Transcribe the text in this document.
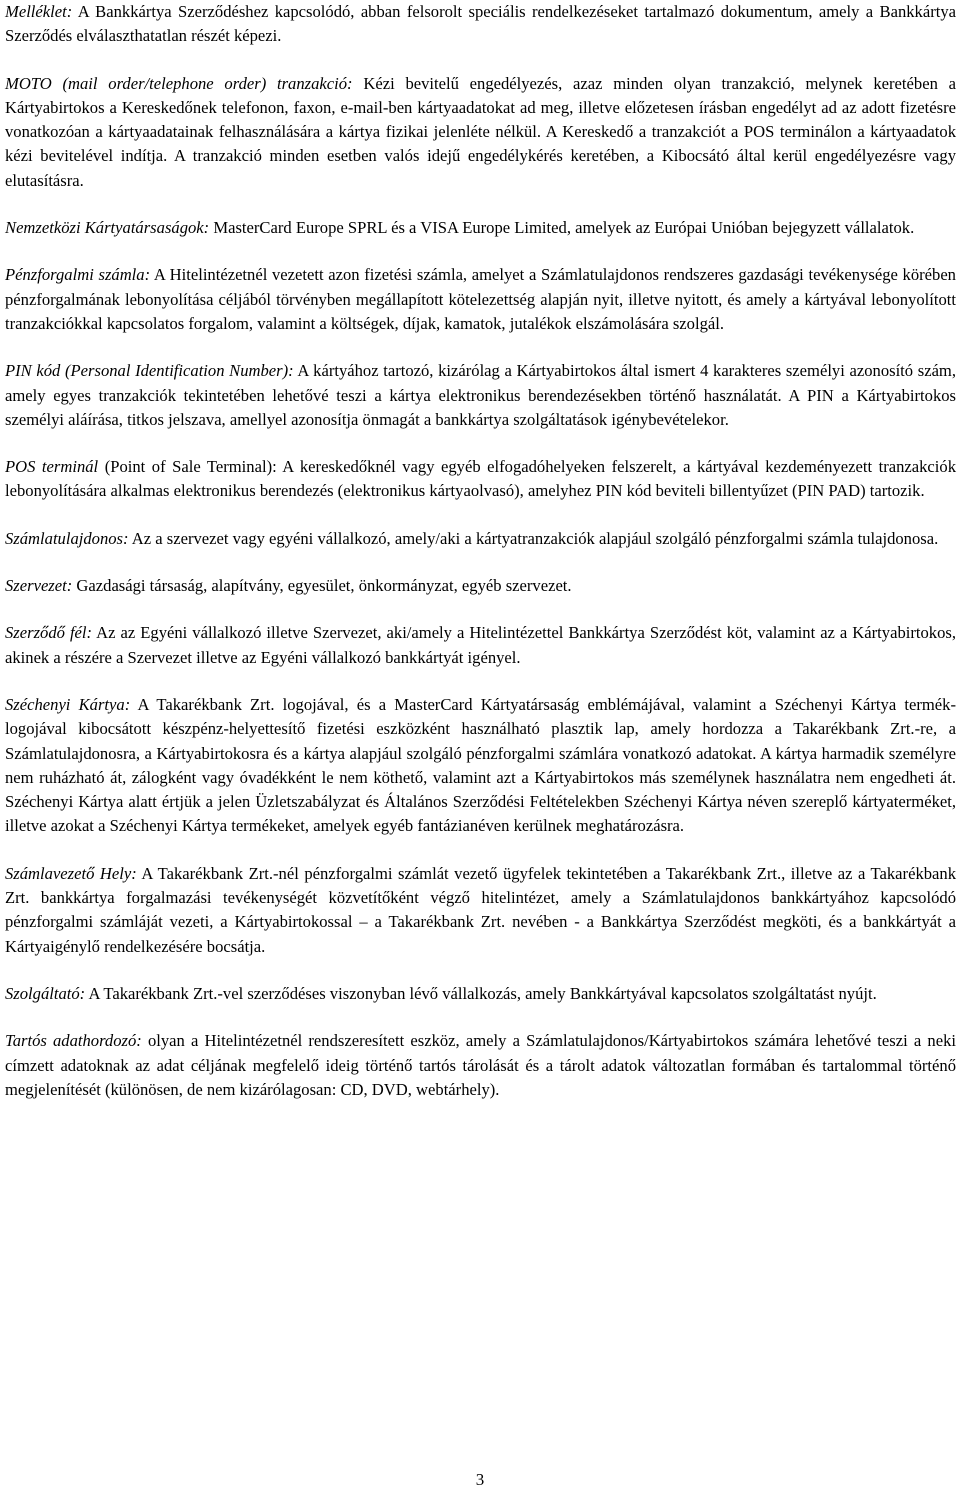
Melléklet: A Bankkártya Szerződéshez kapcsolódó, abban felsorolt speciális rendelkezéseket tartalmazó dokumentum, amely a Bankkártya Szerződés elválaszthatatlan részét képezi.

MOTO (mail order/telephone order) tranzakció: Kézi bevitelű engedélyezés, azaz minden olyan tranzakció, melynek keretében a Kártyabirtokos a Kereskedőnek telefonon, faxon, e-mail-ben kártyaadatokat ad meg, illetve előzetesen írásban engedélyt ad az adott fizetésre vonatkozóan a kártyaadatainak felhasználására a kártya fizikai jelenléte nélkül. A Kereskedő a tranzakciót a POS terminálon a kártyaadatok kézi bevitelével indítja. A tranzakció minden esetben valós idejű engedélykérés keretében, a Kibocsátó által kerül engedélyezésre vagy elutasításra.

Nemzetközi Kártyatársaságok: MasterCard Europe SPRL és a VISA Europe Limited, amelyek az Európai Unióban bejegyzett vállalatok.

Pénzforgalmi számla: A Hitelintézetnél vezetett azon fizetési számla, amelyet a Számlatulajdonos rendszeres gazdasági tevékenysége körében pénzforgalmának lebonyolítása céljából törvényben megállapított kötelezettség alapján nyit, illetve nyitott, és amely a kártyával lebonyolított tranzakciókkal kapcsolatos forgalom, valamint a költségek, díjak, kamatok, jutalékok elszámolására szolgál.

PIN kód (Personal Identification Number): A kártyához tartozó, kizárólag a Kártyabirtokos által ismert 4 karakteres személyi azonosító szám, amely egyes tranzakciók tekintetében lehetővé teszi a kártya elektronikus berendezésekben történő használatát. A PIN a Kártyabirtokos személyi aláírása, titkos jelszava, amellyel azonosítja önmagát a bankkártya szolgáltatások igénybevételekor.

POS terminál (Point of Sale Terminal): A kereskedőknél vagy egyéb elfogadóhelyeken felszerelt, a kártyával kezdeményezett tranzakciók lebonyolítására alkalmas elektronikus berendezés (elektronikus kártyaolvasó), amelyhez PIN kód beviteli billentyűzet (PIN PAD) tartozik.

Számlatulajdonos: Az a szervezet vagy egyéni vállalkozó, amely/aki a kártyatranzakciók alapjául szolgáló pénzforgalmi számla tulajdonosa.

Szervezet: Gazdasági társaság, alapítvány, egyesület, önkormányzat, egyéb szervezet.

Szerződő fél: Az az Egyéni vállalkozó illetve Szervezet, aki/amely a Hitelintézettel Bankkártya Szerződést köt, valamint az a Kártyabirtokos, akinek a részére a Szervezet illetve az Egyéni vállalkozó bankkártyát igényel.

Széchenyi Kártya: A Takarékbank Zrt. logojával, és a MasterCard Kártyatársaság emblémájával, valamint a Széchenyi Kártya termék-logojával kibocsátott készpénz-helyettesítő fizetési eszközként használható plasztik lap, amely hordozza a Takarékbank Zrt.-re, a Számlatulajdonosra, a Kártyabirtokosra és a kártya alapjául szolgáló pénzforgalmi számlára vonatkozó adatokat. A kártya harmadik személyre nem ruházható át, zálogként vagy óvadékként le nem köthető, valamint azt a Kártyabirtokos más személynek használatra nem engedheti át. Széchenyi Kártya alatt értjük a jelen Üzletszabályzat és Általános Szerződési Feltételekben Széchenyi Kártya néven szereplő kártyaterméket, illetve azokat a Széchenyi Kártya termékeket, amelyek egyéb fantázianéven kerülnek meghatározásra.

Számlavezető Hely: A Takarékbank Zrt.-nél pénzforgalmi számlát vezető ügyfelek tekintetében a Takarékbank Zrt., illetve az a Takarékbank Zrt. bankkártya forgalmazási tevékenységét közvetítőként végző hitelintézet, amely a Számlatulajdonos bankkártyához kapcsolódó pénzforgalmi számláját vezeti, a Kártyabirtokossal – a Takarékbank Zrt. nevében - a Bankkártya Szerződést megköti, és a bankkártyát a Kártyaigénylő rendelkezésére bocsátja.

Szolgáltató: A Takarékbank Zrt.-vel szerződéses viszonyban lévő vállalkozás, amely Bankkártyával kapcsolatos szolgáltatást nyújt.

Tartós adathordozó: olyan a Hitelintézetnél rendszeresített eszköz, amely a Számlatulajdonos/Kártyabirtokos számára lehetővé teszi a neki címzett adatoknak az adat céljának megfelelő ideig történő tartós tárolását és a tárolt adatok változatlan formában és tartalommal történő megjelenítését (különösen, de nem kizárólagosan: CD, DVD, webtárhely).

3
